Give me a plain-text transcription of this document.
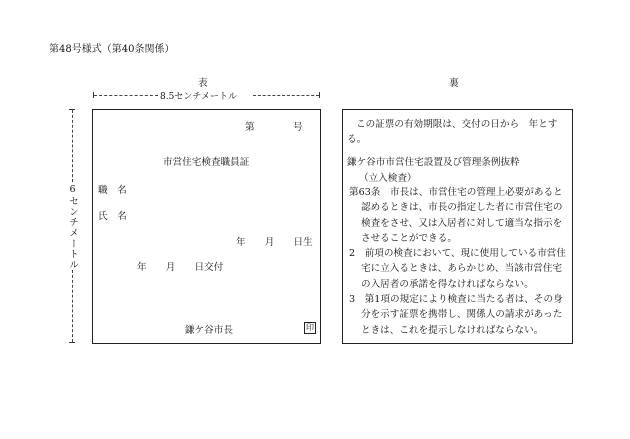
第48号様式（第40条関係）
表	裏
8.5センチメートル
6センチメートル
第　　　　号
市営住宅検査職員証
職　名
氏　名
年　　月　　日生
年　　月　　日交付
鎌ケ谷市長	印
この証票の有効期限は、交付の日から　年とする。
鎌ケ谷市市営住宅設置及び管理条例抜粋
（立入検査）
第63条　市長は、市営住宅の管理上必要があると認めるときは、市長の指定した者に市営住宅の検査をさせ、又は入居者に対して適当な指示をさせることができる。
2　前項の検査において、現に使用している市営住宅に立入るときは、あらかじめ、当該市営住宅の入居者の承諾を得なければならない。
3　第1項の規定により検査に当たる者は、その身分を示す証票を携帯し、関係人の請求があったときは、これを提示しなければならない。
